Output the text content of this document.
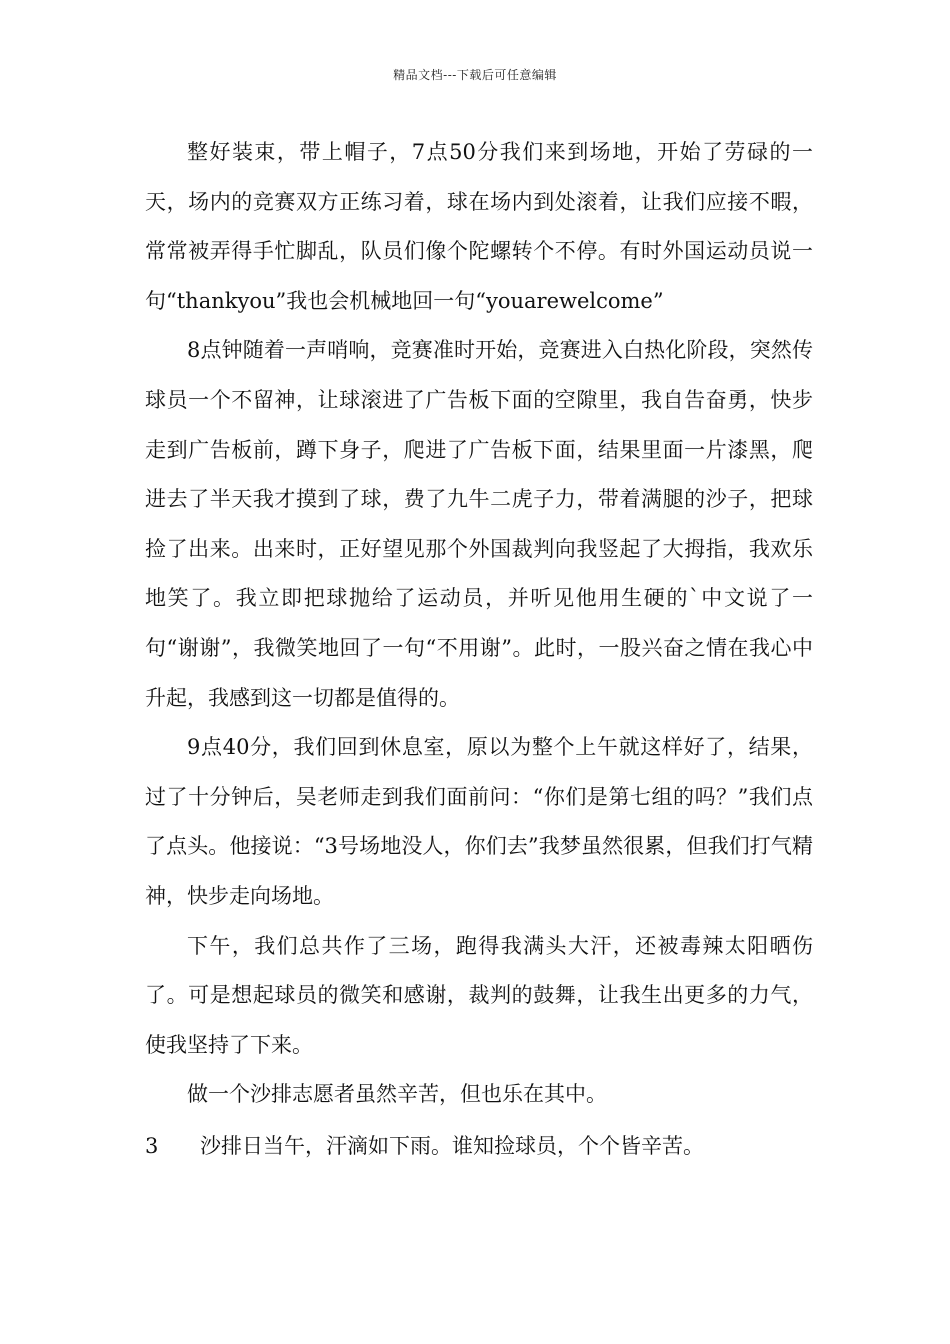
精品文档---下载后可任意编辑

整好装束，带上帽子，7点50分我们来到场地，开始了劳碌的一天，场内的竞赛双方正练习着，球在场内到处滚着，让我们应接不暇，常常被弄得手忙脚乱，队员们像个陀螺转个不停。有时外国运动员说一句“thankyou”我也会机械地回一句“youarewelcome”

8点钟随着一声哨响，竞赛准时开始，竞赛进入白热化阶段，突然传球员一个不留神，让球滚进了广告板下面的空隙里，我自告奋勇，快步走到广告板前，蹲下身子，爬进了广告板下面，结果里面一片漆黑，爬进去了半天我才摸到了球，费了九牛二虎子力，带着满腿的沙子，把球捡了出来。出来时，正好望见那个外国裁判向我竖起了大拇指，我欢乐地笑了。我立即把球抛给了运动员，并听见他用生硬的`中文说了一句“谢谢”，我微笑地回了一句“不用谢”。此时，一股兴奋之情在我心中升起，我感到这一切都是值得的。

9点40分，我们回到休息室，原以为整个上午就这样好了，结果，过了十分钟后，吴老师走到我们面前问：“你们是第七组的吗？”我们点了点头。他接说：“3号场地没人，你们去”我梦虽然很累，但我们打气精神，快步走向场地。

下午，我们总共作了三场，跑得我满头大汗，还被毒辣太阳晒伤了。可是想起球员的微笑和感谢，裁判的鼓舞，让我生出更多的力气，使我坚持了下来。

做一个沙排志愿者虽然辛苦，但也乐在其中。

3	沙排日当午，汗滴如下雨。谁知捡球员，个个皆辛苦。
